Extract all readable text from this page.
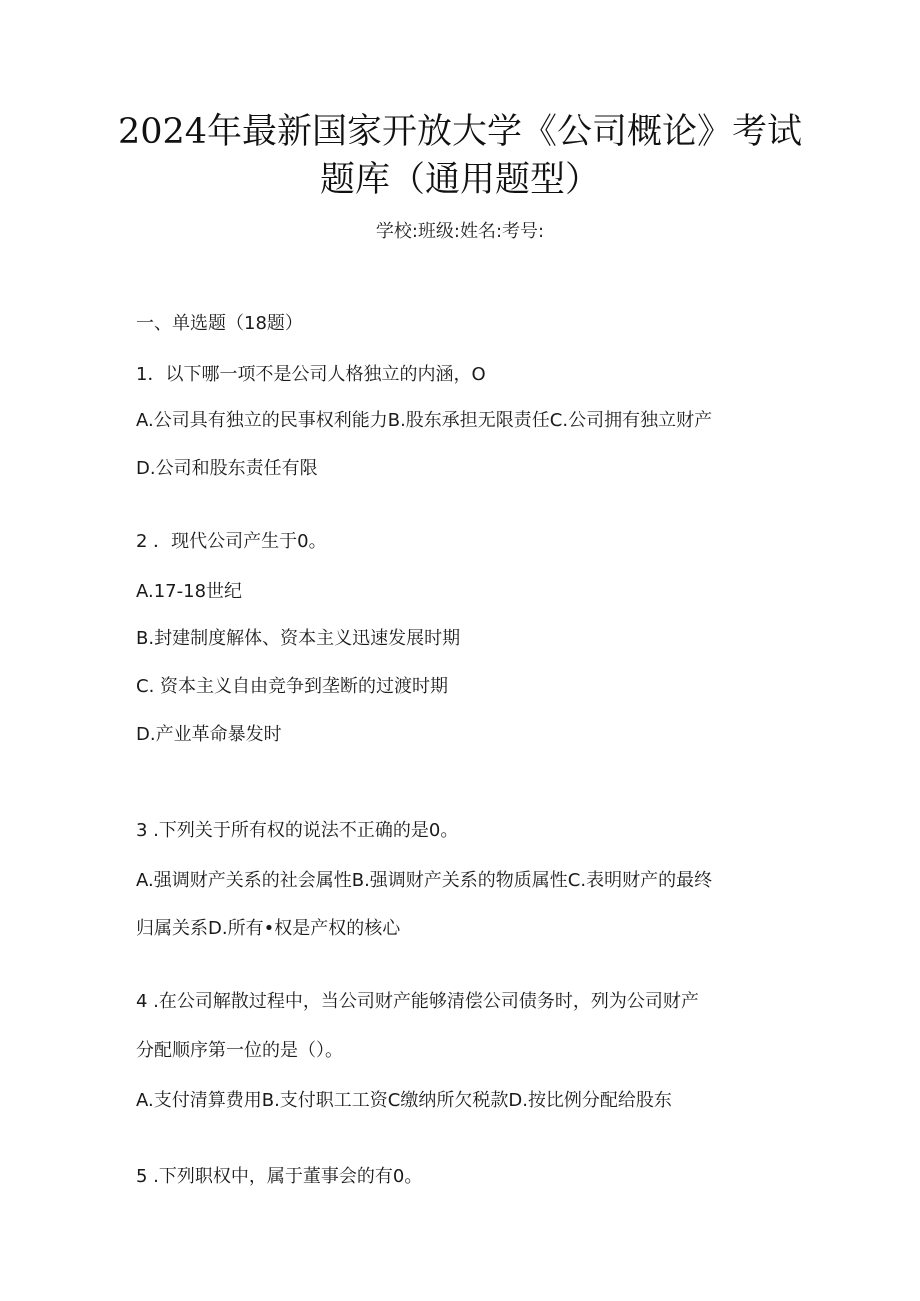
2024年最新国家开放大学《公司概论》考试
题库（通用题型）
学校:班级:姓名:考号:
一、单选题（18题）
1．以下哪一项不是公司人格独立的内涵，O
A.公司具有独立的民事权利能力B.股东承担无限责任C.公司拥有独立财产
D.公司和股东责任有限
2 ．现代公司产生于0。
A.17-18世纪
B.封建制度解体、资本主义迅速发展时期
C. 资本主义自由竞争到垄断的过渡时期
D.产业革命暴发时
3 .下列关于所有权的说法不正确的是0。
A.强调财产关系的社会属性B.强调财产关系的物质属性C.表明财产的最终
归属关系D.所有•权是产权的核心
4 .在公司解散过程中，当公司财产能够清偿公司债务时，列为公司财产
分配顺序第一位的是（）。
A.支付清算费用B.支付职工工资C缴纳所欠税款D.按比例分配给股东
5 .下列职权中，属于董事会的有0。
